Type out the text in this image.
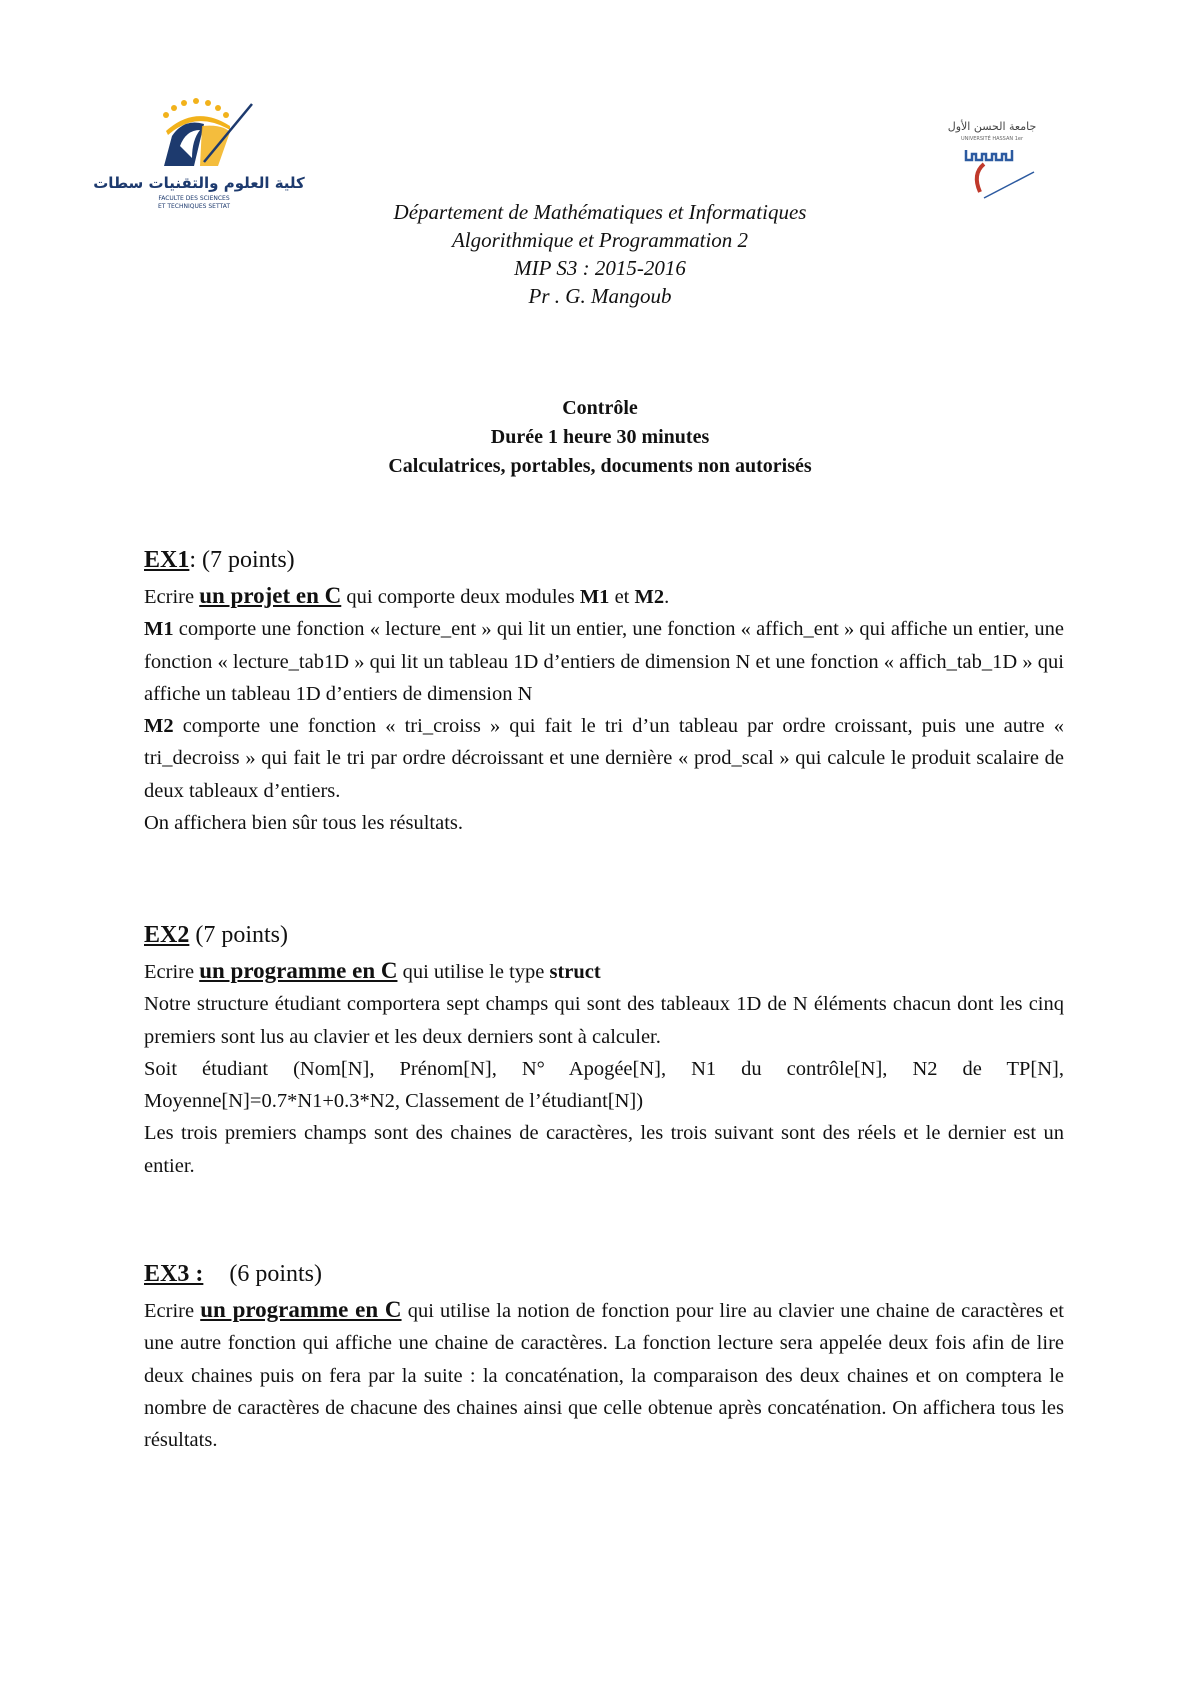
كلية العلوم والتقنيات سطات
FACULTE DES SCIENCES
ET TECHNIQUES SETTAT
جامعة الحسن الأول
UNIVERSITÉ HASSAN 1er
Département de Mathématiques et Informatiques
Algorithmique et Programmation 2
MIP S3 : 2015-2016
Pr . G. Mangoub
Contrôle
Durée 1 heure 30 minutes
Calculatrices, portables, documents non autorisés
EX1: (7 points)

Ecrire un projet en C qui comporte deux modules M1 et M2.

M1 comporte une fonction « lecture_ent » qui lit un entier, une fonction « affich_ent » qui affiche un entier, une fonction « lecture_tab1D » qui lit un tableau 1D d’entiers de dimension N et une fonction « affich_tab_1D » qui affiche un tableau 1D d’entiers de dimension N

M2 comporte une fonction « tri_croiss » qui fait le tri d’un tableau par ordre croissant, puis une autre « tri_decroiss » qui fait le tri par ordre décroissant et une dernière « prod_scal » qui calcule le produit scalaire de deux tableaux d’entiers.

On affichera bien sûr tous les résultats.

EX2 (7 points)

Ecrire un programme en C qui utilise le type struct

Notre structure étudiant comportera sept champs qui sont des tableaux 1D de N éléments chacun dont les cinq premiers sont lus au clavier et les deux derniers sont à calculer.

Soit étudiant (Nom[N], Prénom[N], N° Apogée[N], N1 du contrôle[N], N2 de TP[N], Moyenne[N]=0.7*N1+0.3*N2, Classement de l’étudiant[N])

Les trois premiers champs sont des chaines de caractères, les trois suivant sont des réels et le dernier est un entier.

EX3 : (6 points)

Ecrire un programme en C qui utilise la notion de fonction pour lire au clavier une chaine de caractères et une autre fonction qui affiche une chaine de caractères. La fonction lecture sera appelée deux fois afin de lire deux chaines puis on fera par la suite : la concaténation, la comparaison des deux chaines et on comptera le nombre de caractères de chacune des chaines ainsi que celle obtenue après concaténation. On affichera tous les résultats.
